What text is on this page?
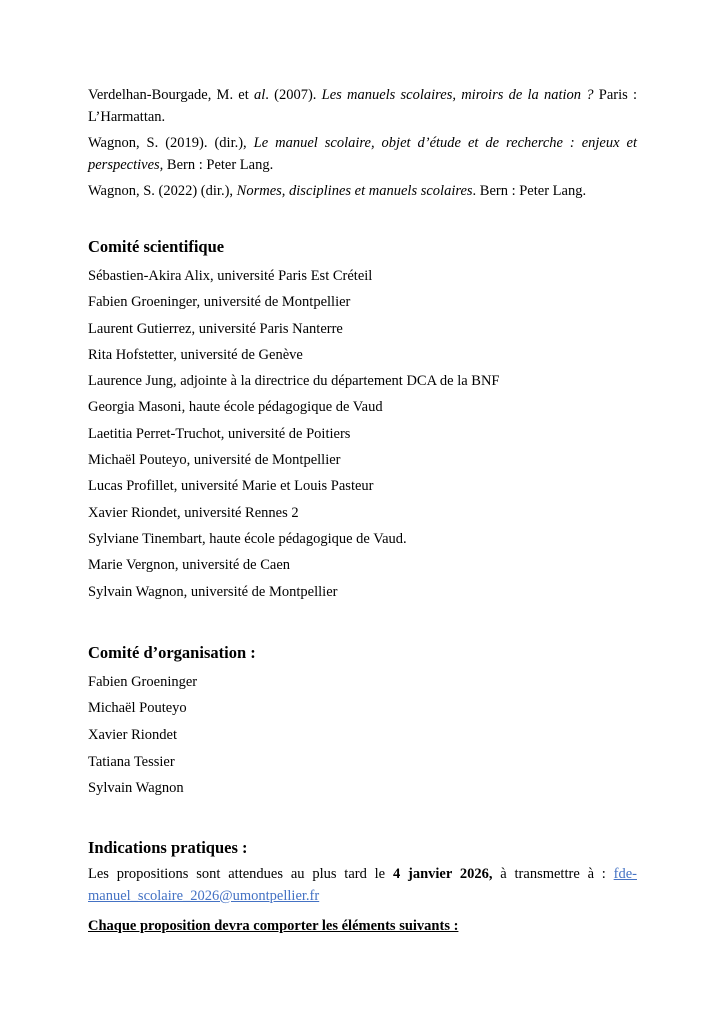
Verdelhan-Bourgade, M. et al. (2007). Les manuels scolaires, miroirs de la nation ? Paris : L’Harmattan.

Wagnon, S. (2019). (dir.), Le manuel scolaire, objet d’étude et de recherche : enjeux et perspectives, Bern : Peter Lang.

Wagnon, S. (2022) (dir.), Normes, disciplines et manuels scolaires. Bern : Peter Lang.

Comité scientifique
Sébastien-Akira Alix, université Paris Est Créteil
Fabien Groeninger, université de Montpellier
Laurent Gutierrez, université Paris Nanterre
Rita Hofstetter, université de Genève
Laurence Jung, adjointe à la directrice du département DCA de la BNF
Georgia Masoni, haute école pédagogique de Vaud
Laetitia Perret-Truchot, université de Poitiers
Michaël Pouteyo, université de Montpellier
Lucas Profillet, université Marie et Louis Pasteur
Xavier Riondet, université Rennes 2
Sylviane Tinembart, haute école pédagogique de Vaud.
Marie Vergnon, université de Caen
Sylvain Wagnon, université de Montpellier
Comité d’organisation :
Fabien Groeninger
Michaël Pouteyo
Xavier Riondet
Tatiana Tessier
Sylvain Wagnon
Indications pratiques :

Les propositions sont attendues au plus tard le 4 janvier 2026, à transmettre à : fde-manuel_scolaire_2026@umontpellier.fr

Chaque proposition devra comporter les éléments suivants :
